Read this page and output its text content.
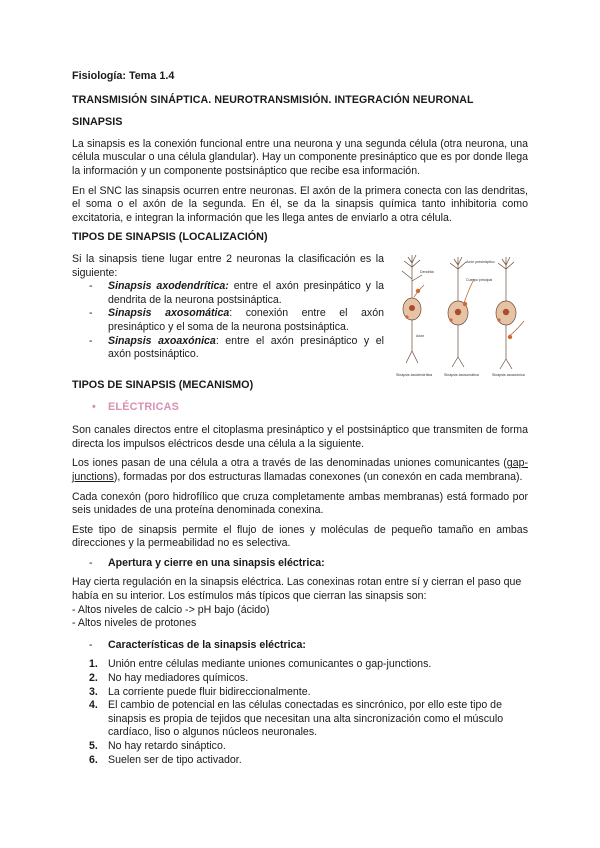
Fisiología: Tema 1.4
TRANSMISIÓN SINÁPTICA. NEUROTRANSMISIÓN. INTEGRACIÓN NEURONAL
SINAPSIS

La sinapsis es la conexión funcional entre una neurona y una segunda célula (otra neurona, una célula muscular o una célula glandular). Hay un componente presináptico que es por donde llega la información y un componente postsináptico que recibe esa información.

En el SNC las sinapsis ocurren entre neuronas. El axón de la primera conecta con las dendritas, el soma o el axón de la segunda. En él, se da la sinapsis química tanto inhibitoria como excitatoria, e integran la información que les llega antes de enviarlo a otra célula.

TIPOS DE SINAPSIS (LOCALIZACIÓN)

Si la sinapsis tiene lugar entre 2 neuronas la clasificación es la siguiente:

- Sinapsis axodendrítica: entre el axón presinpático y la dendrita de la neurona postsináptica.
- Sinapsis axosomática: conexión entre el axón presináptico y el soma de la neurona postsináptica.
- Sinapsis axoaxónica: entre el axón presináptico y el axón postsináptico.
Dendrita
Axón presináptico
Cuerpo principal
Axón
Sinapsis axodendrítica	Sinapsis axosomática	Sinapsis axoaxónica
TIPOS DE SINAPSIS (MECANISMO)
• ELÉCTRICAS

Son canales directos entre el citoplasma presináptico y el postsináptico que transmiten de forma directa los impulsos eléctricos desde una célula a la siguiente.

Los iones pasan de una célula a otra a través de las denominadas uniones comunicantes (gap-junctions), formadas por dos estructuras llamadas conexones (un conexón en cada membrana).

Cada conexón (poro hidrofílico que cruza completamente ambas membranas) está formado por seis unidades de una proteína denominada conexina.

Este tipo de sinapsis permite el flujo de iones y moléculas de pequeño tamaño en ambas direcciones y la permeabilidad no es selectiva.

- Apertura y cierre en una sinapsis eléctrica:

Hay cierta regulación en la sinapsis eléctrica. Las conexinas rotan entre sí y cierran el paso que había en su interior. Los estímulos más típicos que cierran las sinapsis son:

- Altos niveles de calcio -> pH bajo (ácido)
- Altos niveles de protones
- Características de la sinapsis eléctrica:
1. Unión entre células mediante uniones comunicantes o gap-junctions.
2. No hay mediadores químicos.
3. La corriente puede fluir bidireccionalmente.
4. El cambio de potencial en las células conectadas es sincrónico, por ello este tipo de sinapsis es propia de tejidos que necesitan una alta sincronización como el músculo cardíaco, liso o algunos núcleos neuronales.
5. No hay retardo sináptico.
6. Suelen ser de tipo activador.
